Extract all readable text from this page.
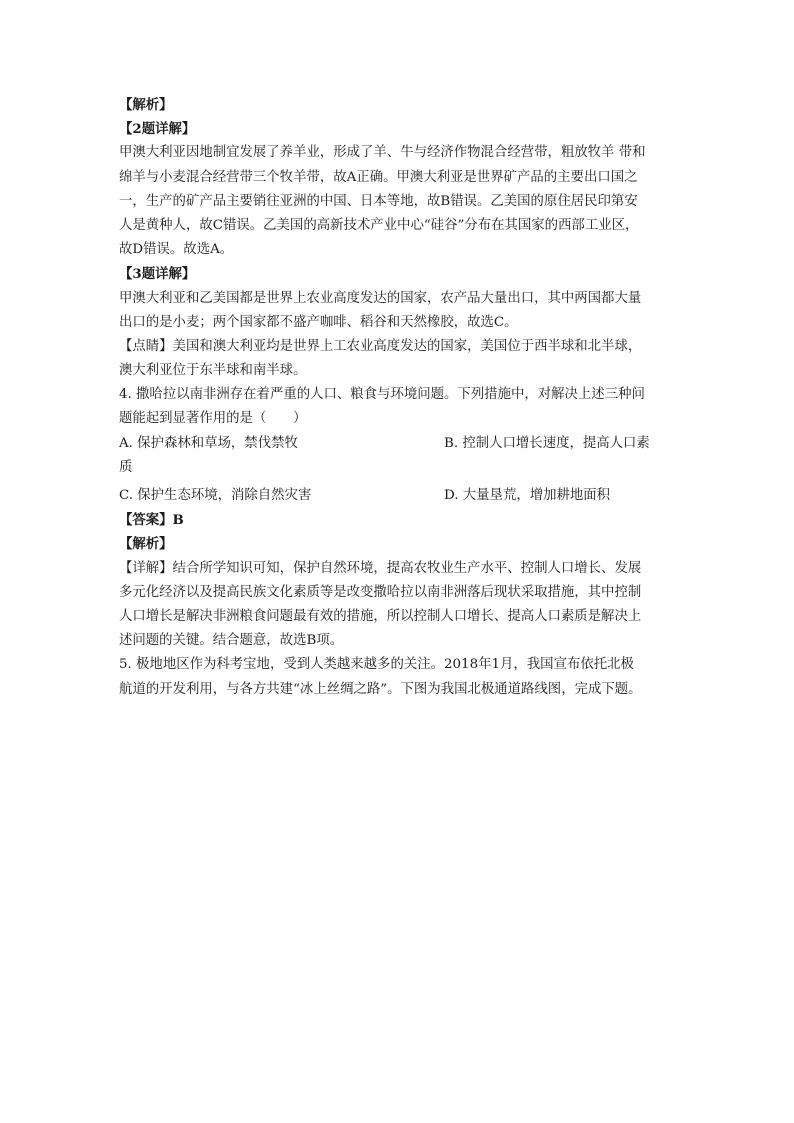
【解析】
【2题详解】
甲澳大利亚因地制宜发展了养羊业，形成了羊、牛与经济作物混合经营带，粗放牧羊 带和
绵羊与小麦混合经营带三个牧羊带，故A正确。甲澳大利亚是世界矿产品的主要出口国之
一，生产的矿产品主要销往亚洲的中国、日本等地，故B错误。乙美国的原住居民印第安
人是黄种人，故C错误。乙美国的高新技术产业中心“硅谷”分布在其国家的西部工业区，
故D错误。故选A。
【3题详解】
甲澳大利亚和乙美国都是世界上农业高度发达的国家，农产品大量出口，其中两国都大量
出口的是小麦；两个国家都不盛产咖啡、稻谷和天然橡胶，故选C。
【点睛】美国和澳大利亚均是世界上工农业高度发达的国家，美国位于西半球和北半球，
澳大利亚位于东半球和南半球。
4. 撒哈拉以南非洲存在着严重的人口、粮食与环境问题。下列措施中，对解决上述三种问
题能起到显著作用的是（　　）
A. 保护森林和草场，禁伐禁牧	B. 控制人口增长速度，提高人口素
质
C. 保护生态环境，消除自然灾害	D. 大量垦荒，增加耕地面积
【答案】B
【解析】
【详解】结合所学知识可知，保护自然环境，提高农牧业生产水平、控制人口增长、发展
多元化经济以及提高民族文化素质等是改变撒哈拉以南非洲落后现状采取措施，其中控制
人口增长是解决非洲粮食问题最有效的措施，所以控制人口增长、提高人口素质是解决上
述问题的关键。结合题意，故选B项。
5. 极地地区作为科考宝地，受到人类越来越多的关注。2018年1月，我国宣布依托北极
航道的开发利用，与各方共建“冰上丝绸之路”。下图为我国北极通道路线图，完成下题。
